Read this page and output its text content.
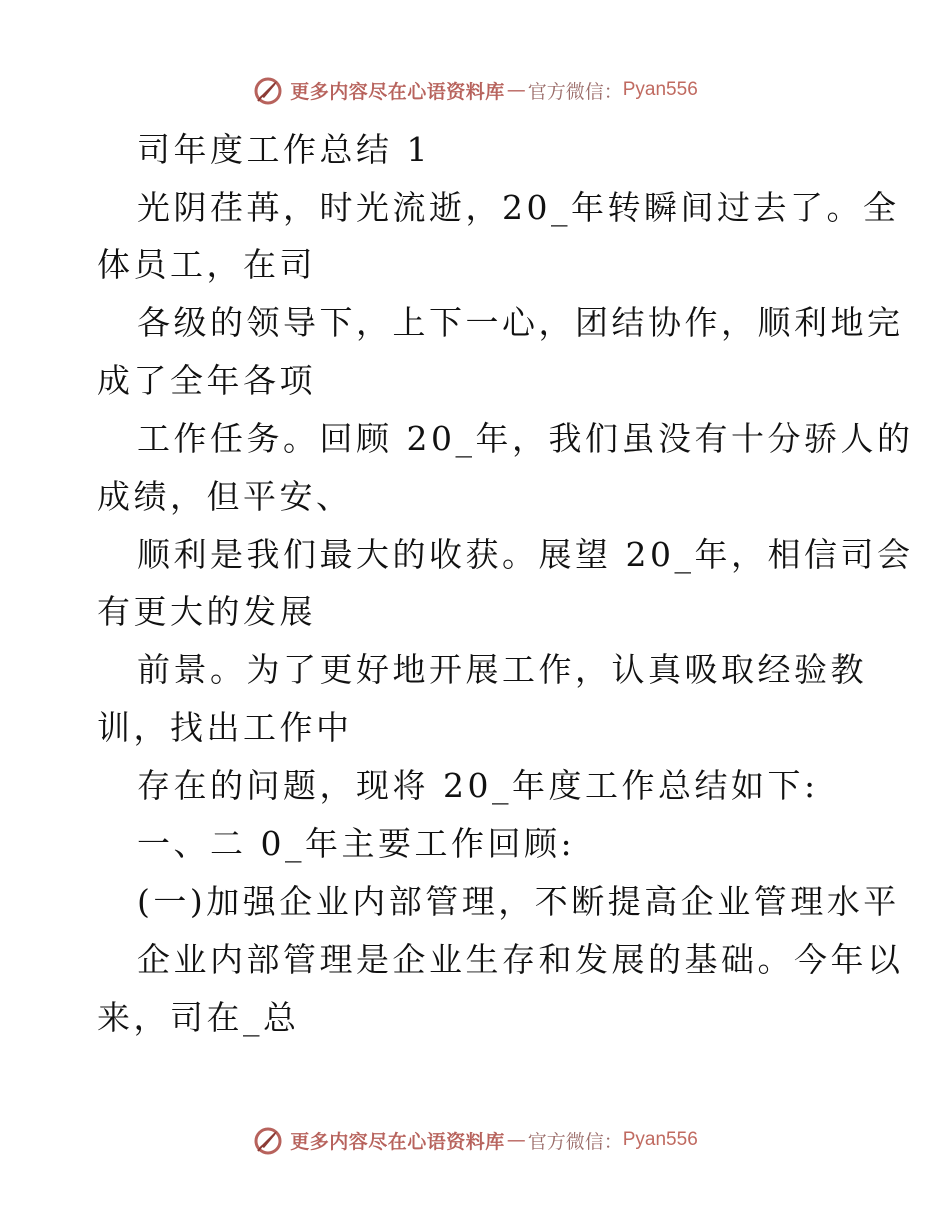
更多内容尽在心语资料库 — 官方微信： Pyan556
司年度工作总结 1
光阴荏苒，时光流逝，20_年转瞬间过去了。全
体员工，在司
各级的领导下，上下一心，团结协作，顺利地完
成了全年各项
工作任务。回顾 20_年，我们虽没有十分骄人的
成绩，但平安、
顺利是我们最大的收获。展望 20_年，相信司会
有更大的发展
前景。为了更好地开展工作，认真吸取经验教
训，找出工作中
存在的问题，现将 20_年度工作总结如下:
一、二 0_年主要工作回顾:
(一)加强企业内部管理，不断提高企业管理水平
企业内部管理是企业生存和发展的基础。今年以
来，司在_总
更多内容尽在心语资料库 — 官方微信： Pyan556
